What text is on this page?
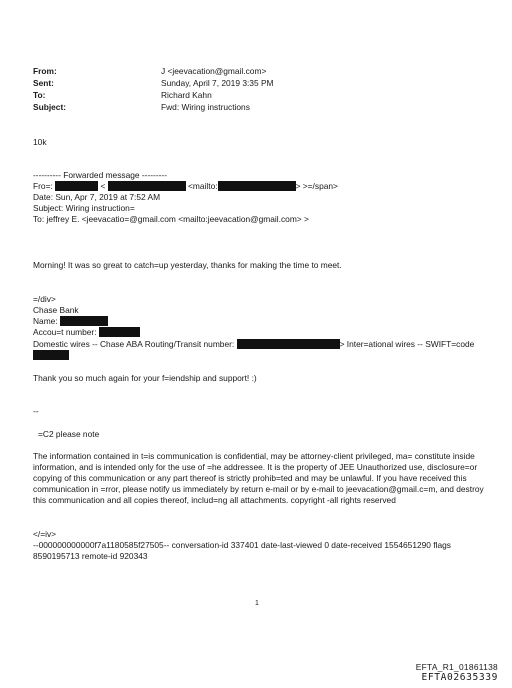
From:	J <jeevacation@gmail.com>
Sent:	Sunday, April 7, 2019 3:35 PM
To:	Richard Kahn
Subject:	Fwd: Wiring instructions
10k
---------- Forwarded message ---------
Fro=:	<	<mailto:	> >=/span>
Date: Sun, Apr 7, 2019 at 7:52 AM
Subject: Wiring instruction=
To: jeffrey E. <jeevacatio=@gmail.com <mailto:jeevacation@gmail.com> >
Morning! It was so great to catch=up yesterday, thanks for making the time to meet.
=/div>
Chase Bank
Name:
Accou=t number:
Domestic wires -- Chase ABA Routing/Transit number:	> Inter=ational wires -- SWIFT=code
Thank you so much again for your f=iendship and support! :)
--
=C2 please note
The information contained in t=is communication is confidential, may be attorney-client privileged, ma= constitute inside information, and is intended only for the use of =he addressee. It is the property of JEE Unauthorized use, disclosure=or copying of this communication or any part thereof is strictly prohib=ted and may be unlawful. If you have received this communication in =rror, please notify us immediately by return e-mail or by e-mail to jeevacation@gmail.c=m, and destroy this communication and all copies thereof, includ=ng all attachments. copyright -all rights reserved
</=iv>
--000000000000f7a1180585f27505-- conversation-id 337401 date-last-viewed 0 date-received 1554651290 flags
8590195713 remote-id 920343
1
EFTA_R1_01861138
EFTA02635339
